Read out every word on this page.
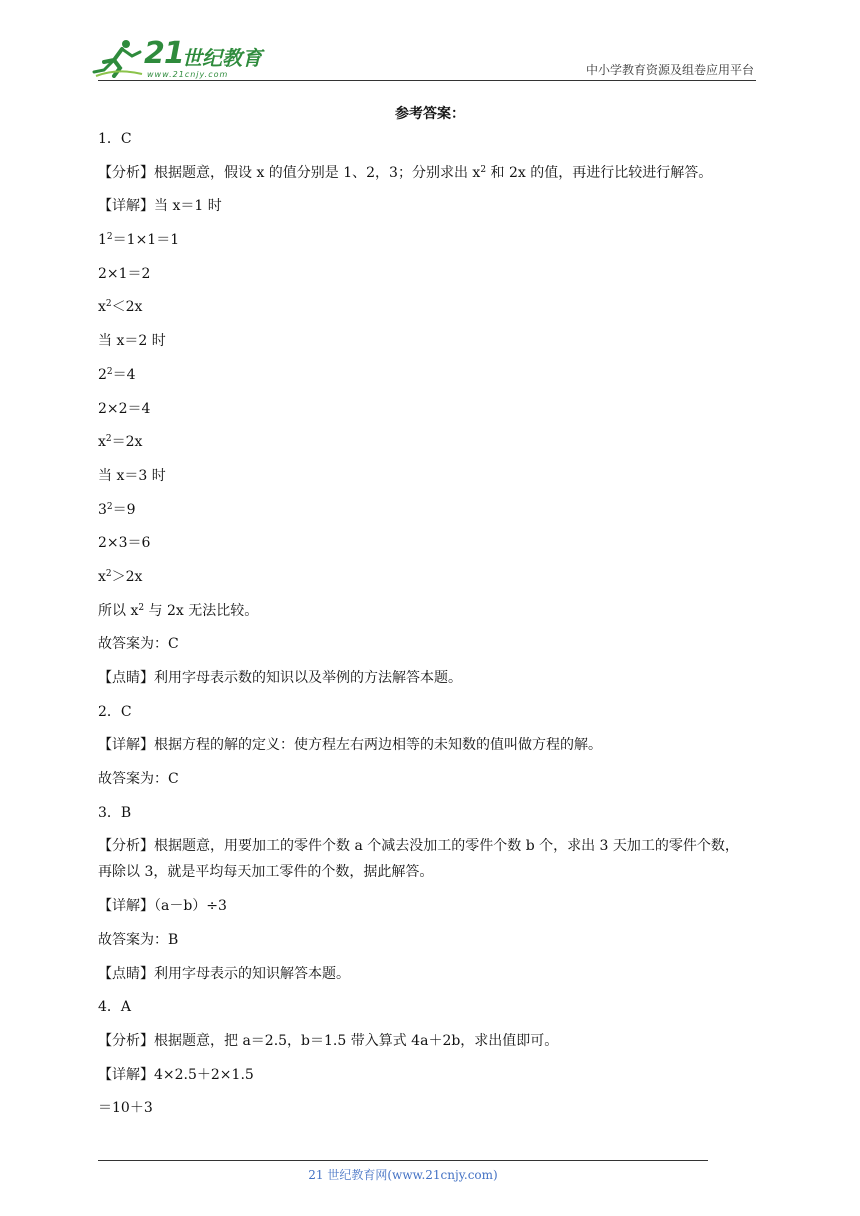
21
世纪教育
www.21cnjy.com	中小学教育资源及组卷应用平台
参考答案：
1．C
【分析】根据题意，假设 x 的值分别是 1、2，3；分别求出 $x^2$ 和 2x 的值，再进行比较进行解答。
【详解】当 x＝1 时
$1^2=1\times 1=1$
2×1＝2
$x^2<2x$
当 x＝2 时
$2^2=4$
2×2＝4
$x^2=2x$
当 x＝3 时
$3^2=9$
2×3＝6
$x^2>2x$
所以 $x^2$ 与 2x 无法比较。
故答案为：C
【点睛】利用字母表示数的知识以及举例的方法解答本题。
2．C
【详解】根据方程的解的定义：使方程左右两边相等的未知数的值叫做方程的解。
故答案为：C
3．B
【分析】根据题意，用要加工的零件个数 a 个减去没加工的零件个数 b 个，求出 3 天加工的零件个数，
再除以 3，就是平均每天加工零件的个数，据此解答。
【详解】（a－b）÷3
故答案为：B
【点睛】利用字母表示的知识解答本题。
4．A
【分析】根据题意，把 a＝2.5，b＝1.5 带入算式 4a＋2b，求出值即可。
【详解】4×2.5＋2×1.5
＝10＋3
21 世纪教育网(www.21cnjy.com)
